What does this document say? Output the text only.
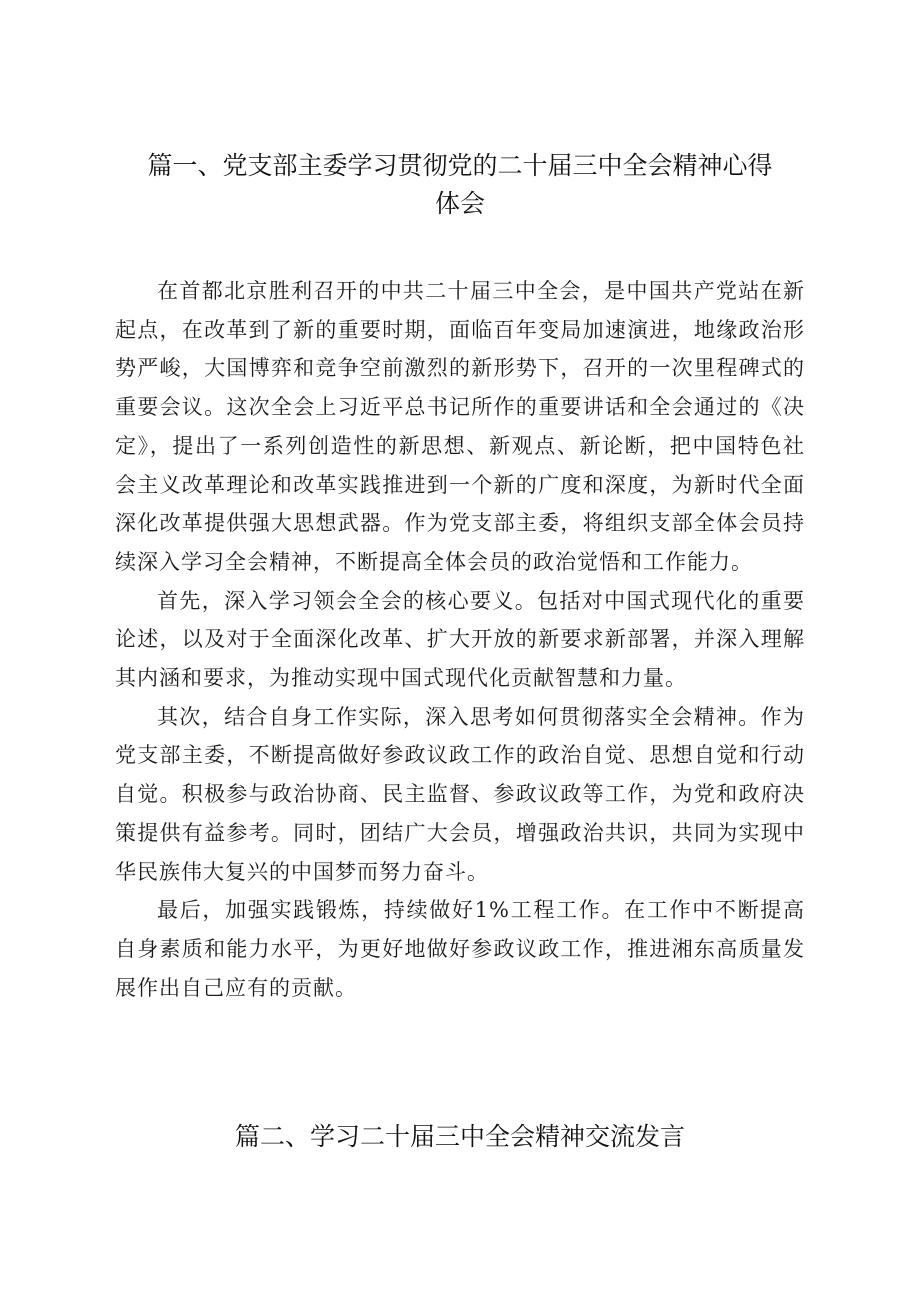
篇一、党支部主委学习贯彻党的二十届三中全会精神心得
体会

在首都北京胜利召开的中共二十届三中全会，是中国共产党站在新起点，在改革到了新的重要时期，面临百年变局加速演进，地缘政治形势严峻，大国博弈和竞争空前激烈的新形势下，召开的一次里程碑式的重要会议。这次全会上习近平总书记所作的重要讲话和全会通过的《决定》，提出了一系列创造性的新思想、新观点、新论断，把中国特色社会主义改革理论和改革实践推进到一个新的广度和深度，为新时代全面深化改革提供强大思想武器。作为党支部主委，将组织支部全体会员持续深入学习全会精神，不断提高全体会员的政治觉悟和工作能力。

首先，深入学习领会全会的核心要义。包括对中国式现代化的重要论述，以及对于全面深化改革、扩大开放的新要求新部署，并深入理解其内涵和要求，为推动实现中国式现代化贡献智慧和力量。

其次，结合自身工作实际，深入思考如何贯彻落实全会精神。作为党支部主委，不断提高做好参政议政工作的政治自觉、思想自觉和行动自觉。积极参与政治协商、民主监督、参政议政等工作，为党和政府决策提供有益参考。同时，团结广大会员，增强政治共识，共同为实现中华民族伟大复兴的中国梦而努力奋斗。

最后，加强实践锻炼，持续做好1%工程工作。在工作中不断提高自身素质和能力水平，为更好地做好参政议政工作，推进湘东高质量发展作出自己应有的贡献。

篇二、学习二十届三中全会精神交流发言
